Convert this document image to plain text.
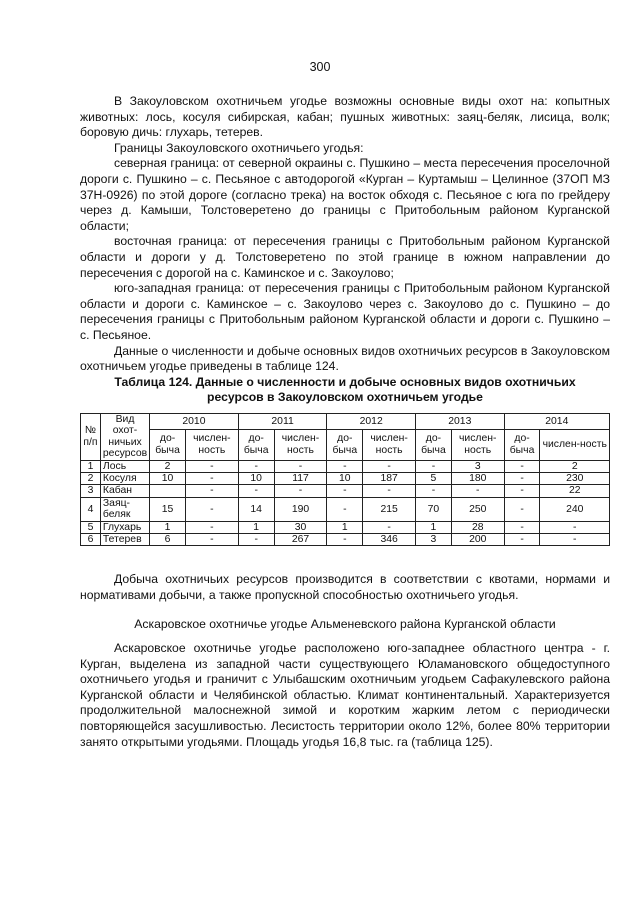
300

В Закоуловском охотничьем угодье возможны основные виды охот на: копытных животных: лось, косуля сибирская, кабан; пушных животных: заяц-беляк, лисица, волк; боровую дичь: глухарь, тетерев.

Границы Закоуловского охотничьего угодья:

северная граница: от северной окраины с. Пушкино – места пересечения проселочной дороги с. Пушкино – с. Песьяное с автодорогой «Курган – Куртамыш – Целинное (37ОП МЗ 37Н-0926) по этой дороге (согласно трека) на восток обходя с. Песьяное с юга по грейдеру через д. Камыши, Толстоверетено до границы с Притобольным районом Курганской области;

восточная граница: от пересечения границы с Притобольным районом Курганской области и дороги у д. Толстоверетено по этой границе в южном направлении до пересечения с дорогой на с. Каминское и с. Закоулово;

юго-западная граница: от пересечения границы с Притобольным районом Курганской области и дороги с. Каминское – с. Закоулово через с. Закоулово до с. Пушкино – до пересечения границы с Притобольным районом Курганской области и дороги с. Пушкино – с. Песьяное.

Данные о численности и добыче основных видов охотничьих ресурсов в Закоуловском охотничьем угодье приведены в таблице 124.

Таблица 124. Данные о численности и добыче основных видов охотничьих
ресурсов в Закоуловском охотничьем угодье
№ п/п	Вид охот-ничьих ресурсов	2010		2011		2012		2013		2014	
		до-быча	числен-ность	до-быча	числен-ность	до-быча	числен-ность	до-быча	числен-ность	до-быча	числен-ность
1	Лось	2	-	-	-	-	-	-	3	-	2
2	Косуля	10	-	10	117	10	187	5	180	-	230
3	Кабан		-	-	-	-	-	-	-	-	22
4	Заяц-беляк	15	-	14	190	-	215	70	250	-	240
5	Глухарь	1	-	1	30	1	-	1	28	-	-
6	Тетерев	6	-	-	267	-	346	3	200	-	-

Добыча охотничьих ресурсов производится в соответствии с квотами, нормами и нормативами добычи, а также пропускной способностью охотничьего угодья.

Аскаровское охотничье угодье Альменевского района Курганской области

Аскаровское охотничье угодье расположено юго-западнее областного центра - г. Курган, выделена из западной части существующего Юламановского общедоступного охотничьего угодья и граничит с Улыбашским охотничьим угодьем Сафакулевского района Курганской области и Челябинской областью. Климат континентальный. Характеризуется продолжительной малоснежной зимой и коротким жарким летом с периодически повторяющейся засушливостью. Лесистость территории около 12%, более 80% территории занято открытыми угодьями. Площадь угодья 16,8 тыс. га (таблица 125).
